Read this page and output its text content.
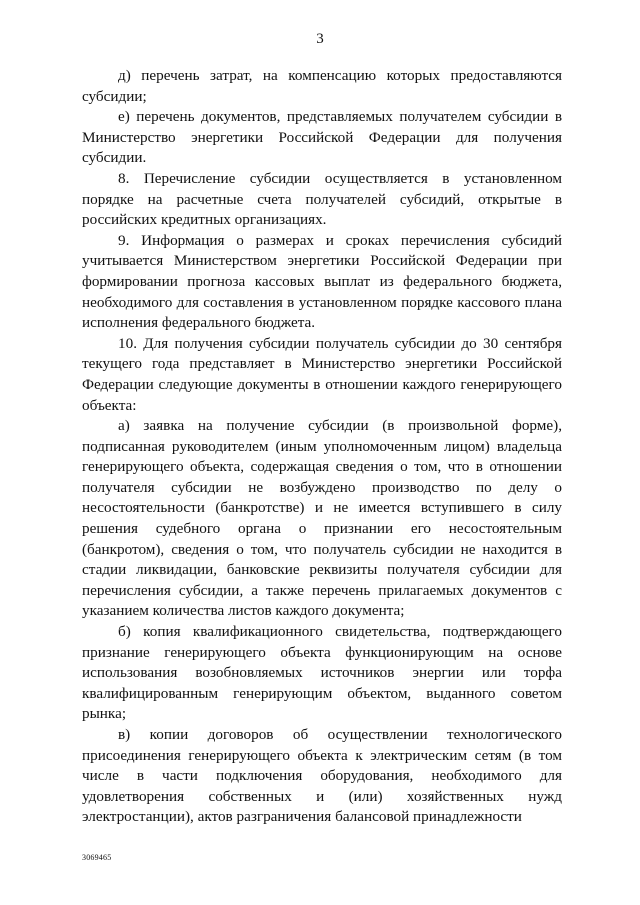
3

д) перечень затрат, на компенсацию которых предоставляются субсидии;

е) перечень документов, представляемых получателем субсидии в Министерство энергетики Российской Федерации для получения субсидии.

8. Перечисление субсидии осуществляется в установленном порядке на расчетные счета получателей субсидий, открытые в российских кредитных организациях.

9. Информация о размерах и сроках перечисления субсидий учитывается Министерством энергетики Российской Федерации при формировании прогноза кассовых выплат из федерального бюджета, необходимого для составления в установленном порядке кассового плана исполнения федерального бюджета.

10. Для получения субсидии получатель субсидии до 30 сентября текущего года представляет в Министерство энергетики Российской Федерации следующие документы в отношении каждого генерирующего объекта:

а) заявка на получение субсидии (в произвольной форме), подписанная руководителем (иным уполномоченным лицом) владельца генерирующего объекта, содержащая сведения о том, что в отношении получателя субсидии не возбуждено производство по делу о несостоятельности (банкротстве) и не имеется вступившего в силу решения судебного органа о признании его несостоятельным (банкротом), сведения о том, что получатель субсидии не находится в стадии ликвидации, банковские реквизиты получателя субсидии для перечисления субсидии, а также перечень прилагаемых документов с указанием количества листов каждого документа;

б) копия квалификационного свидетельства, подтверждающего признание генерирующего объекта функционирующим на основе использования возобновляемых источников энергии или торфа квалифицированным генерирующим объектом, выданного советом рынка;

в) копии договоров об осуществлении технологического присоединения генерирующего объекта к электрическим сетям (в том числе в части подключения оборудования, необходимого для удовлетворения собственных и (или) хозяйственных нужд электростанции), актов разграничения балансовой принадлежности

3069465
